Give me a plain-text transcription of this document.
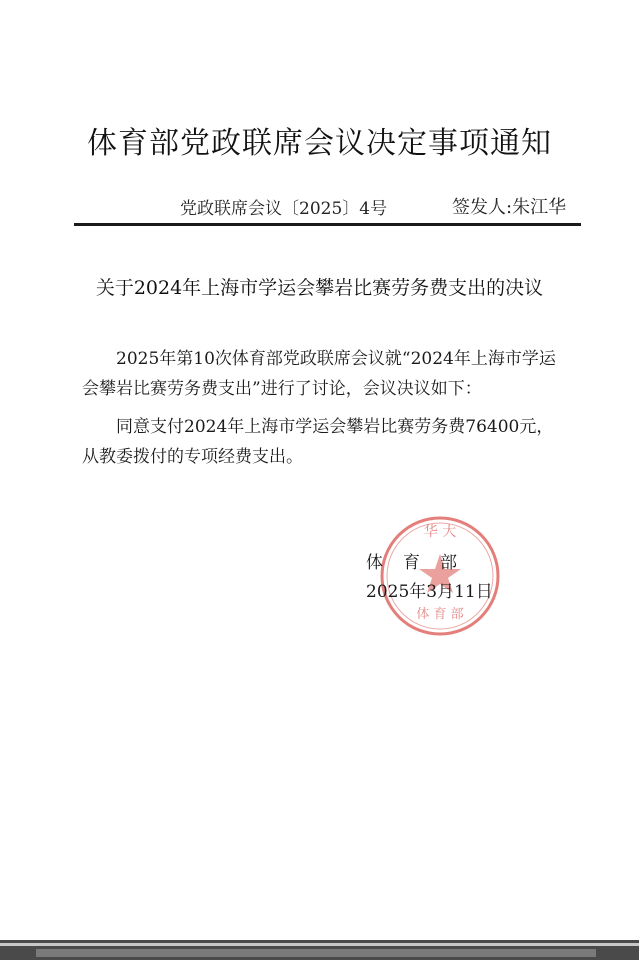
体育部党政联席会议决定事项通知
党政联席会议〔2025〕4号	签发人:朱江华
关于2024年上海市学运会攀岩比赛劳务费支出的决议
2025年第10次体育部党政联席会议就“2024年上海市学运
会攀岩比赛劳务费支出”进行了讨论，会议决议如下：
同意支付2024年上海市学运会攀岩比赛劳务费76400元，
从教委拨付的专项经费支出。
华 大
体 育 部
体育部
2025年3月11日
